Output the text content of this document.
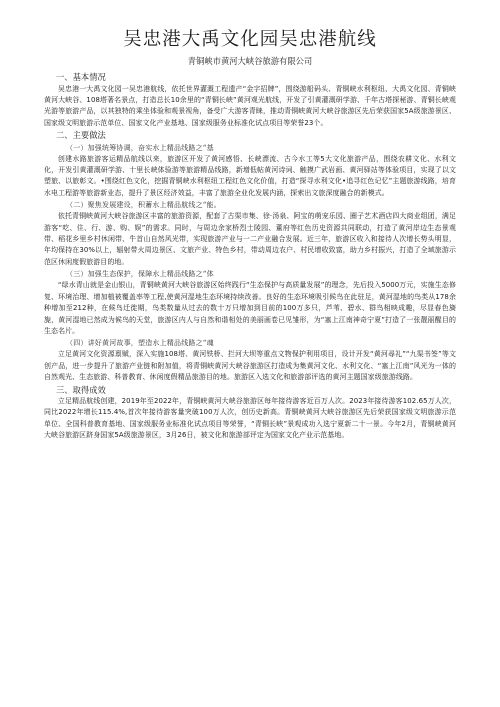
吴忠港大禹文化园吴忠港航线
青铜峡市黄河大峡谷旅游有限公司
一、基本情况

吴忠港一大禹文化园一吴忠港航线，依托世界灌溉工程遗产“金字招牌”，围绕游船码头、青铜峡水利枢纽、大禹文化园、青铜峡黄河大峡谷、108塔著名景点，打造总长10余里的“青铜长峡”黄河观光航线，开发了引黄灌溉研学游、千年古塔探秘游、青铜长峡观光游等旅游产品，以其独特的乘坐体验和观景视角，备受广大游客青睐，推动青铜峡黄河大峡谷旅游区先后荣获国家5A级旅游景区、国家级文明旅游示范单位、国家文化产业基地、国家级服务业标准化试点项目等荣誉23个。

二、主要做法
（一）加强统筹协调，奋实水上精品线路之“基

创建水路旅游客运精品航线以来，旅游区开发了黄河感悟、长峡漂流、古今水工等5大文化旅游产品，围绕农耕文化、水利文化，开发引黄灌溉研学游、十里长峡体验游等旅游精品线路，新增低帖黄河诗词、触摸广武岩画、黄河驿站等体验项目，实现了以文塑旅、以旅彰文。•围绕红色文化，挖掘青铜峡水利枢纽工程红色文化价值，打造“探寻水利文化•追寻红色记忆”主题旅游线路，培育水电工程游等旅游新业态，提升了景区经济效益，丰富了旅游全业化发展内涵，探索出文旅深度融合的新模式。

（二）聚焦发展建设，积蓄水上精品航线之“能。

依托青铜峡黄河大峡谷旅游区丰富的旅游资源，配套了古渠市集、徐·汤泉、阿宝的萌宠乐园、圈子艺术酒店四大商业组团，满足游客“吃、住、行、游、购、娱”的需求。同时，与周边余家桥烈士陵园、董府等红色历史资源共同联动，打造了黄河岸边生态景观带、稻花乡里乡村休闲带、牛首山自然风光带，实现旅游产业与一二产业融合发展。近三年，旅游区收入和接待人次增长势头明显，年均保持在30%以上，辐射带火周边景区、文旅产业、特色乡村，带动周边农户、村民增收致富，助力乡村振兴，打造了全域旅游示范区休闲度假旅游目的地。

（三）加强生态保护，保障水上精品线路之“体

“绿水青山就是金山银山，青铜峡黄河大峡谷旅游区始终践行“生态保护与高质量发展”的理念，先后投入5000万元，实施生态修复、环境治理、增加植被覆盖率等工程,使黄河湿地生态环境持续改善。良好的生态环境吸引候鸟在此驻足，黄河湿地的鸟类从178余种增加至212种，在候鸟迁徙期，鸟类数量从过去的数十万只增加到目前的100万多只，芦苇、碧水、群鸟相映成趣，尽显春色旖旎，黄河湿地已然成为候鸟的天堂，旅游区内人与自然和谐相处的美丽画卷已见雏形，为“塞上江南神奇宁夏”打造了一张靓丽醒目的生态名片。

（四）讲好黄河故事，塑造水上精品线路之“魂

立足黄河文化资源禀赋，深入实施108塔、黄河铁桥、拦河大坝等重点文物保护利用项目，设计开发“黄河尋礼”“九渠书签”等文创产品，进一步提升了旅游产业链和附加值，将青铜峡黄河大峡谷旅游区打造成为集黄河文化、水利文化、“塞上江南”风光为一体的自然观光、生态旅游、科普教育、休闲度假精品旅游目的地。旅游区入选文化和旅游部评选的黄河主题国家级旅游线路。

三、取得成效

立足精品航线创建，2019年至2022年，青铜峡黄河大峡谷旅游区每年接待游客近百万人次。2023年接待游客102.65万人次，同比2022年增长115.4%,首次年接待游客量突破100万人次，创历史新高。青铜峡黄河大峡谷旅游区先后荣获国家级文明旅游示范单位、全国科普教育基地、国家级服务业标准化试点项目等荣誉，“青铜长峡”景观成功入选宁夏新二十一景。今年2月，青铜峡黄河大峡谷旅游区跻身国家5A级旅游景区，3月26日，被文化和旅游部评定为国家文化产业示范基地。
